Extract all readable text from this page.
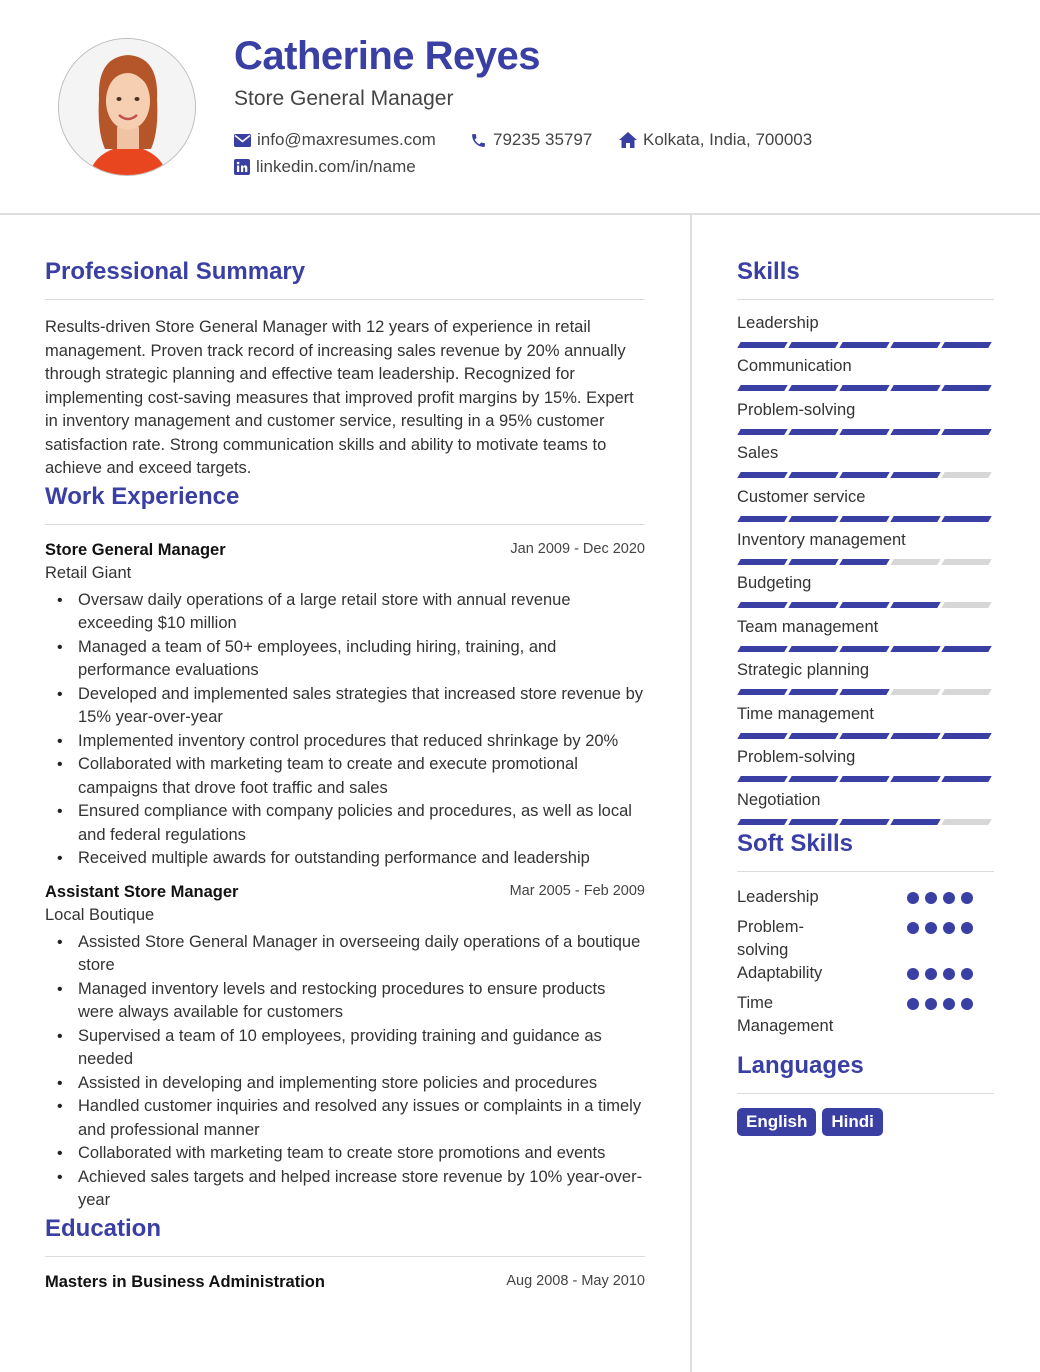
Catherine Reyes
Store General Manager
info@maxresumes.com	79235 35797	Kolkata, India, 700003
linkedin.com/in/name
Professional Summary
Results-driven Store General Manager with 12 years of experience in retail management. Proven track record of increasing sales revenue by 20% annually through strategic planning and effective team leadership. Recognized for implementing cost-saving measures that improved profit margins by 15%. Expert in inventory management and customer service, resulting in a 95% customer satisfaction rate. Strong communication skills and ability to motivate teams to achieve and exceed targets.
Work Experience
Store General Manager	Jan 2009 - Dec 2020
Retail Giant
• Oversaw daily operations of a large retail store with annual revenue exceeding $10 million
• Managed a team of 50+ employees, including hiring, training, and performance evaluations
• Developed and implemented sales strategies that increased store revenue by 15% year-over-year
• Implemented inventory control procedures that reduced shrinkage by 20%
• Collaborated with marketing team to create and execute promotional campaigns that drove foot traffic and sales
• Ensured compliance with company policies and procedures, as well as local and federal regulations
• Received multiple awards for outstanding performance and leadership
Assistant Store Manager	Mar 2005 - Feb 2009
Local Boutique
• Assisted Store General Manager in overseeing daily operations of a boutique store
• Managed inventory levels and restocking procedures to ensure products were always available for customers
• Supervised a team of 10 employees, providing training and guidance as needed
• Assisted in developing and implementing store policies and procedures
• Handled customer inquiries and resolved any issues or complaints in a timely and professional manner
• Collaborated with marketing team to create store promotions and events
• Achieved sales targets and helped increase store revenue by 10% year-over-year
Education
Masters in Business Administration	Aug 2008 - May 2010
Skills
Leadership
Communication
Problem-solving
Sales
Customer service
Inventory management
Budgeting
Team management
Strategic planning
Time management
Problem-solving
Negotiation
Soft Skills
Leadership
Problem-solving
Adaptability
Time Management
Languages
English	Hindi
